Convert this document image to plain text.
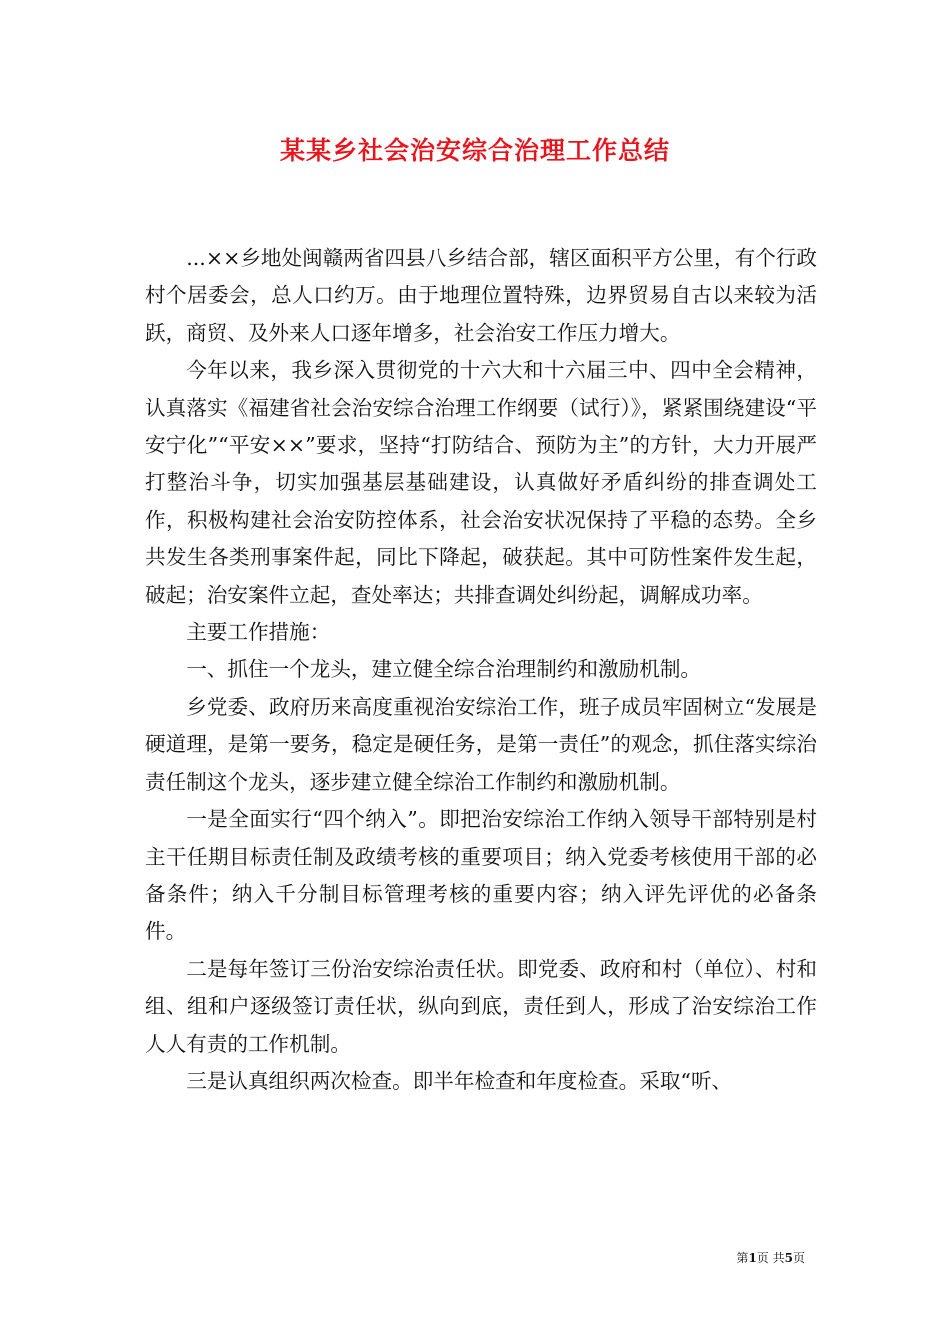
某某乡社会治安综合治理工作总结

...××乡地处闽赣两省四县八乡结合部，辖区面积平方公里，有个行政村个居委会，总人口约万。由于地理位置特殊，边界贸易自古以来较为活跃，商贸、及外来人口逐年增多，社会治安工作压力增大。

今年以来，我乡深入贯彻党的十六大和十六届三中、四中全会精神，认真落实《福建省社会治安综合治理工作纲要（试行）》，紧紧围绕建设“平安宁化”“平安××”要求，坚持“打防结合、预防为主”的方针，大力开展严打整治斗争，切实加强基层基础建设，认真做好矛盾纠纷的排查调处工作，积极构建社会治安防控体系，社会治安状况保持了平稳的态势。全乡共发生各类刑事案件起，同比下降起，破获起。其中可防性案件发生起，破起；治安案件立起，查处率达；共排查调处纠纷起，调解成功率。

主要工作措施：

一、抓住一个龙头，建立健全综合治理制约和激励机制。

乡党委、政府历来高度重视治安综治工作，班子成员牢固树立“发展是硬道理，是第一要务，稳定是硬任务，是第一责任”的观念，抓住落实综治责任制这个龙头，逐步建立健全综治工作制约和激励机制。

一是全面实行“四个纳入”。即把治安综治工作纳入领导干部特别是村主干任期目标责任制及政绩考核的重要项目；纳入党委考核使用干部的必备条件；纳入千分制目标管理考核的重要内容；纳入评先评优的必备条件。

二是每年签订三份治安综治责任状。即党委、政府和村（单位）、村和组、组和户逐级签订责任状，纵向到底，责任到人，形成了治安综治工作人人有责的工作机制。

三是认真组织两次检查。即半年检查和年度检查。采取“听、

第1页 共5页
